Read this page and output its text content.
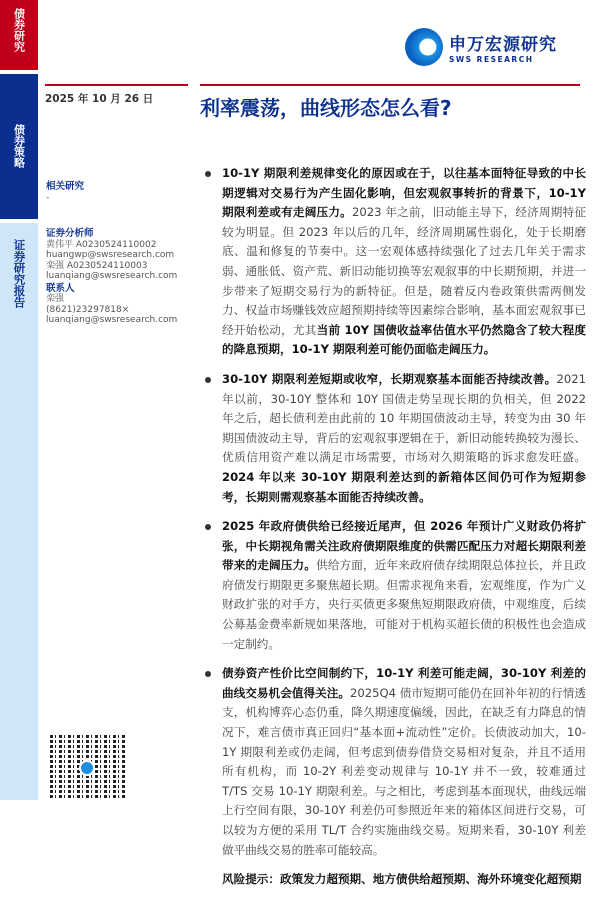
债券研究
债券策略
证券研究报告
申万宏源研究
SWS RESEARCH
2025 年 10 月 26 日 利率震荡，曲线形态怎么看?
相关研究
-
证券分析师
黄伟平 A0230524110002
huangwp@swsresearch.com
栾强 A0230524110003
luanqiang@swsresearch.com
联系人
栾强
(8621)23297818×
luanqiang@swsresearch.com
10-1Y 期限利差规律变化的原因或在于，以往基本面特征导致的中长期逻辑对交易行为产生固化影响，但宏观叙事转折的背景下，10-1Y 期限利差或有走阔压力。2023 年之前，旧动能主导下，经济周期特征较为明显。但 2023 年以后的几年，经济周期属性弱化，处于长期磨底、温和修复的节奏中。这一宏观体感持续强化了过去几年关于需求弱、通胀低、资产荒、新旧动能切换等宏观叙事的中长期预期，并进一步带来了短期交易行为的新特征。但是，随着反内卷政策供需两侧发力、权益市场赚钱效应超预期持续等因素综合影响，基本面宏观叙事已经开始松动，尤其当前 10Y 国债收益率估值水平仍然隐含了较大程度的降息预期，10-1Y 期限利差可能仍面临走阔压力。
30-10Y 期限利差短期或收窄，长期观察基本面能否持续改善。2021 年以前，30-10Y 整体和 10Y 国债走势呈现长期的负相关，但 2022 年之后，超长债利差由此前的 10 年期国债波动主导，转变为由 30 年期国债波动主导，背后的宏观叙事逻辑在于，新旧动能转换较为漫长、优质信用资产难以满足市场需要，市场对久期策略的诉求愈发旺盛。2024 年以来 30-10Y 期限利差达到的新箱体区间仍可作为短期参考，长期则需观察基本面能否持续改善。
2025 年政府债供给已经接近尾声，但 2026 年预计广义财政仍将扩张，中长期视角需关注政府债期限维度的供需匹配压力对超长期限利差带来的走阔压力。供给方面，近年来政府债存续期限总体拉长，并且政府债发行期限更多聚焦超长期。但需求视角来看，宏观维度，作为广义财政扩张的对手方，央行买债更多聚焦短期限政府债，中观维度，后续公募基金费率新规如果落地，可能对于机构买超长债的积极性也会造成一定制约。
债券资产性价比空间制约下，10-1Y 利差可能走阔，30-10Y 利差的曲线交易机会值得关注。2025Q4 债市短期可能仍在回补年初的行情透支，机构博弈心态仍重，降久期速度偏缓，因此，在缺乏有力降息的情况下，难言债市真正回归“基本面+流动性”定价。长债波动加大，10-1Y 期限利差或仍走阔，但考虑到债券借贷交易相对复杂，并且不适用所有机构，而 10-2Y 利差变动规律与 10-1Y 并不一致，较难通过 T/TS 交易 10-1Y 期限利差。与之相比，考虑到基本面现状，曲线远端上行空间有限，30-10Y 利差仍可参照近年来的箱体区间进行交易，可以较为方便的采用 TL/T 合约实施曲线交易。短期来看，30-10Y 利差做平曲线交易的胜率可能较高。
风险提示：政策发力超预期、地方债供给超预期、海外环境变化超预期
